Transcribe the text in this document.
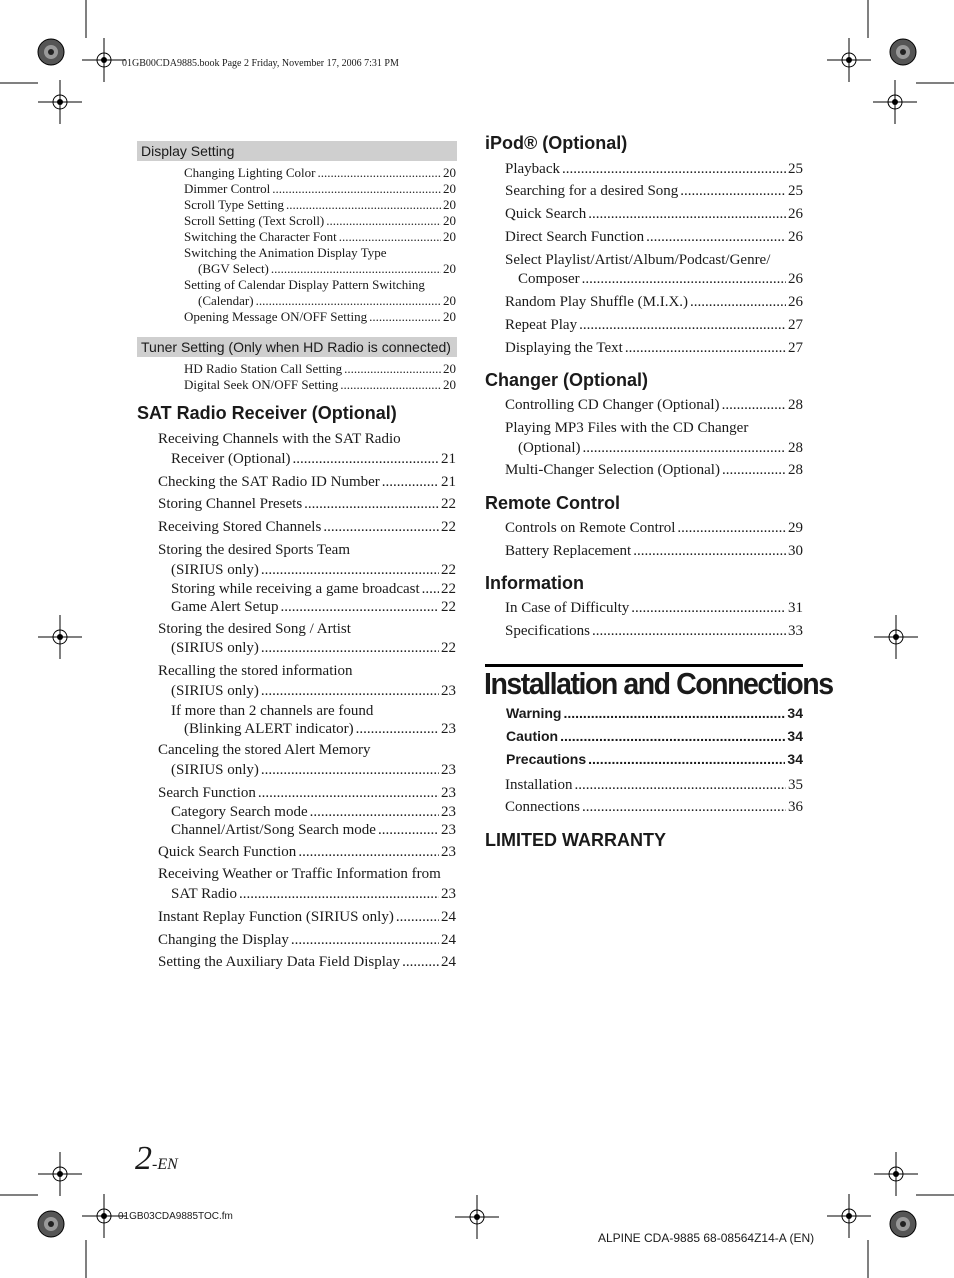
01GB00CDA9885.book Page 2 Friday, November 17, 2006 7:31 PM
Display Setting
Changing Lighting Color .....	20
Dimmer Control .....	20
Scroll Type Setting .....	20
Scroll Setting (Text Scroll) .....	20
Switching the Character Font .....	20
Switching the Animation Display Type
(BGV Select) .....	20
Setting of Calendar Display Pattern Switching
(Calendar) .....	20
Opening Message ON/OFF Setting .....	20
Tuner Setting (Only when HD Radio is connected)
HD Radio Station Call Setting .....	20
Digital Seek ON/OFF Setting .....	20
SAT Radio Receiver (Optional)
Receiving Channels with the SAT Radio
Receiver (Optional) .....	21
Checking the SAT Radio ID Number .....	21
Storing Channel Presets .....	22
Receiving Stored Channels .....	22
Storing the desired Sports Team
(SIRIUS only) .....	22
Storing while receiving a game broadcast ..... 22
Game Alert Setup .....	22
Storing the desired Song / Artist
(SIRIUS only) .....	22
Recalling the stored information
(SIRIUS only) .....	23
If more than 2 channels are found
(Blinking ALERT indicator) .....	23
Canceling the stored Alert Memory
(SIRIUS only) .....	23
Search Function .....	23
Category Search mode .....	23
Channel/Artist/Song Search mode .....	23
Quick Search Function .....	23
Receiving Weather or Traffic Information from
SAT Radio .....	23
Instant Replay Function (SIRIUS only) .....	24
Changing the Display .....	24
Setting the Auxiliary Data Field Display .....	24
2-EN
iPod® (Optional)
Playback .....	25
Searching for a desired Song .....	25
Quick Search .....	26
Direct Search Function .....	26
Select Playlist/Artist/Album/Podcast/Genre/
Composer .....	26
Random Play Shuffle (M.I.X.) .....	26
Repeat Play .....	27
Displaying the Text .....	27
Changer (Optional)
Controlling CD Changer (Optional) .....	28
Playing MP3 Files with the CD Changer
(Optional) .....	28
Multi-Changer Selection (Optional) .....	28
Remote Control
Controls on Remote Control .....	29
Battery Replacement .....	30
Information
In Case of Difficulty .....	31
Specifications .....	33
Installation and Connections
Warning .....	34
Caution .....	34
Precautions .....	34
Installation .....	35
Connections .....	36
LIMITED WARRANTY
01GB03CDA9885TOC.fm
ALPINE CDA-9885 68-08564Z14-A (EN)
